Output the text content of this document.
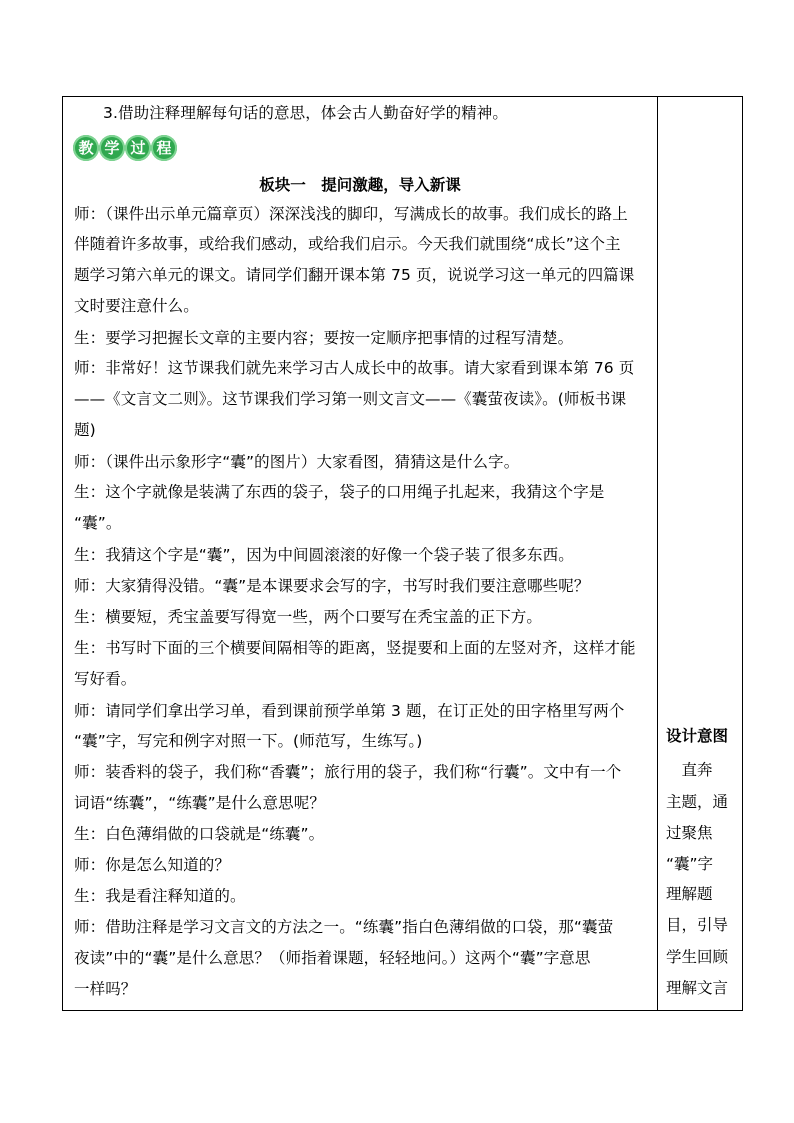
3.借助注释理解每句话的意思，体会古人勤奋好学的精神。
教 学 过 程
板块一　提问激趣，导入新课
师：（课件出示单元篇章页）深深浅浅的脚印，写满成长的故事。我们成长的路上
伴随着许多故事，或给我们感动，或给我们启示。今天我们就围绕“成长”这个主
题学习第六单元的课文。请同学们翻开课本第 75 页，说说学习这一单元的四篇课
文时要注意什么。
生：要学习把握长文章的主要内容；要按一定顺序把事情的过程写清楚。
师：非常好！这节课我们就先来学习古人成长中的故事。请大家看到课本第 76 页
——《文言文二则》。这节课我们学习第一则文言文——《囊萤夜读》。(师板书课
题)
师：（课件出示象形字“囊”的图片）大家看图，猜猜这是什么字。
生：这个字就像是装满了东西的袋子，袋子的口用绳子扎起来，我猜这个字是
“囊”。
生：我猜这个字是“囊”，因为中间圆滚滚的好像一个袋子装了很多东西。
师：大家猜得没错。“囊”是本课要求会写的字，书写时我们要注意哪些呢？
生：横要短，秃宝盖要写得宽一些，两个口要写在秃宝盖的正下方。
生：书写时下面的三个横要间隔相等的距离，竖提要和上面的左竖对齐，这样才能
写好看。
师：请同学们拿出学习单，看到课前预学单第 3 题，在订正处的田字格里写两个
“囊”字，写完和例字对照一下。(师范写，生练写。)
师：装香料的袋子，我们称“香囊”；旅行用的袋子，我们称“行囊”。文中有一个
词语“练囊”，“练囊”是什么意思呢？
生：白色薄绢做的口袋就是“练囊”。
师：你是怎么知道的？
生：我是看注释知道的。
师：借助注释是学习文言文的方法之一。“练囊”指白色薄绢做的口袋，那“囊萤
夜读”中的“囊”是什么意思？（师指着课题，轻轻地问。）这两个“囊”字意思
一样吗？
设计意图
　直奔
主题，通
过聚焦
“囊”字
理解题
目，引导
学生回顾
理解文言
